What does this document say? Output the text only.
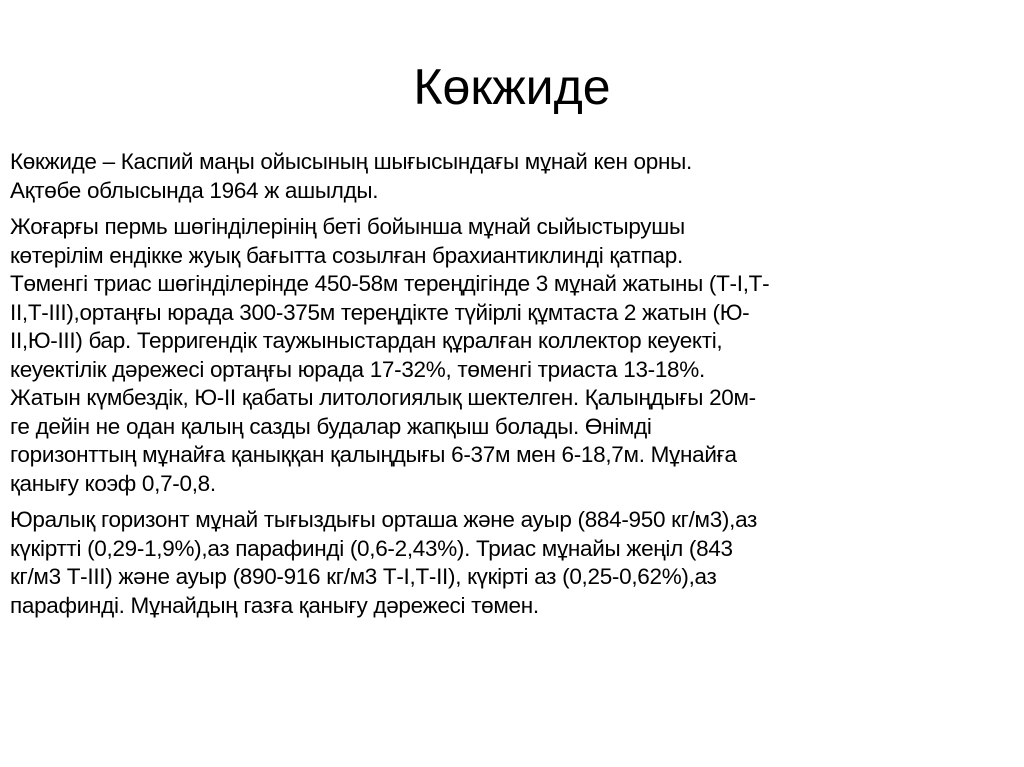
Көкжиде
Көкжиде – Каспий маңы ойысының шығысындағы мұнай кен орны.
Ақтөбе облысында 1964 ж ашылды.
Жоғарғы пермь шөгінділерінің беті бойынша мұнай сыйыстырушы
көтерілім ендікке жуық бағытта созылған брахиантиклинді қатпар.
Төменгі триас шөгінділерінде 450-58м тереңдігінде 3 мұнай жатыны (Т-I,Т-
II,Т-III),ортаңғы юрада 300-375м тереңдікте түйірлі құмтаста 2 жатын (Ю-
II,Ю-III) бар. Терригендік таужыныстардан құралған коллектор кеуекті,
кеуектілік дәрежесі ортаңғы юрада 17-32%, төменгі триаста 13-18%.
Жатын күмбездік, Ю-II қабаты литологиялық шектелген. Қалыңдығы 20м-
ге дейін не одан қалың сазды будалар жапқыш болады. Өнімді
горизонттың мұнайға қаныққан қалыңдығы 6-37м мен 6-18,7м. Мұнайға
қанығу коэф 0,7-0,8.
Юралық горизонт мұнай тығыздығы орташа және ауыр (884-950 кг/м3),аз
күкіртті (0,29-1,9%),аз парафинді (0,6-2,43%). Триас мұнайы жеңіл (843
кг/м3 Т-III) және ауыр (890-916 кг/м3 Т-I,Т-II), күкірті аз (0,25-0,62%),аз
парафинді. Мұнайдың газға қанығу дәрежесі төмен.
